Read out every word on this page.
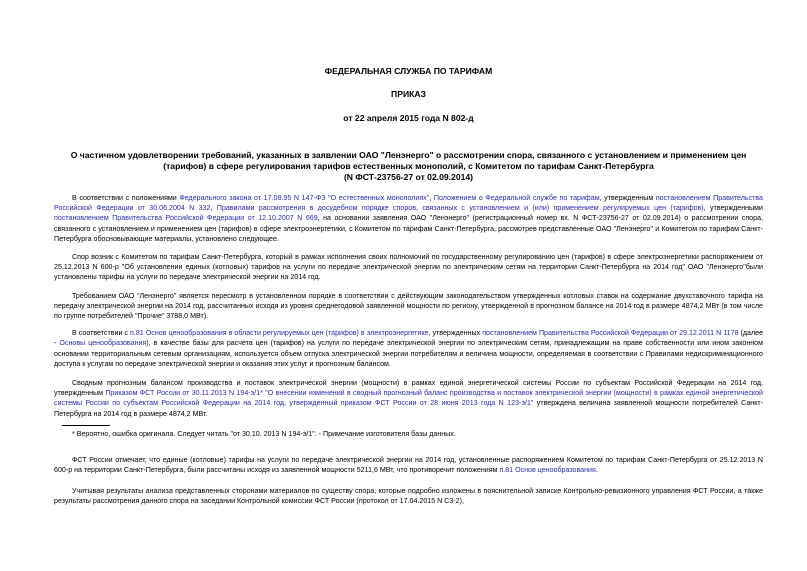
ФЕДЕРАЛЬНАЯ СЛУЖБА ПО ТАРИФАМ
ПРИКАЗ
от 22 апреля 2015 года N 802-д
О частичном удовлетворении требований, указанных в заявлении ОАО "Ленэнерго" о рассмотрении спора, связанного с установлением и применением цен
(тарифов) в сфере регулирования тарифов естественных монополий, с Комитетом по тарифам Санкт-Петербурга
(N ФСТ-23756-27 от 02.09.2014)

В соответствии с положениями Федерального закона от 17.08.95 N 147-ФЗ "О естественных монополиях", Положением о Федеральной службе по тарифам, утвержденным постановлением Правительства Российской Федерации от 30.06.2004 N 332, Правилами рассмотрения в досудебном порядке споров, связанных с установлением и (или) применением регулируемых цен (тарифов), утвержденными постановлением Правительства Российской Федерации от 12.10.2007 N 669, на основании заявления ОАО "Ленэнерго" (регистрационный номер вх. N ФСТ-23756-27 от 02.09.2014) о рассмотрении спора, связанного с установлением и применением цен (тарифов) в сфере электроэнергетики, с Комитетом по тарифам Санкт-Петербурга, рассмотрев представленные ОАО "Ленэнерго" и Комитетом по тарифам Санкт-Петербурга обосновывающие материалы, установлено следующее.

Спор возник с Комитетом по тарифам Санкт-Петербурга, который в рамках исполнения своих полномочий по государственному регулированию цен (тарифов) в сфере электроэнергетики распоряжением от 25.12.2013 N 600-р "Об установлении единых (котловых) тарифов на услуги по передаче электрической энергии по электрическим сетям на территории Санкт-Петербурга на 2014 год" ОАО "Ленэнерго"были установлены тарифы на услуги по передаче электрической энергии на 2014 год.

Требованием ОАО "Ленэнерго" является пересмотр в установленном порядке в соответствии с действующим законодательством утвержденных котловых ставок на содержание двухставочного тарифа на передачу электрической энергии на 2014 год, рассчитанных исходя из уровня среднегодовой заявленной мощности по региону, утвержденной в прогнозном балансе на 2014 год в размере 4874,2 МВт (в том числе по группе потребителей "Прочие" 3788,0 МВт).

В соответствии с п.81 Основ ценообразования в области регулируемых цен (тарифов) в электроэнергетике, утвержденных постановлением Правительства Российской Федерации от 29.12.2011 N 1178 (далее - Основы ценообразования), в качестве базы для расчета цен (тарифов) на услуги по передаче электрической энергии по электрическим сетям, принадлежащим на праве собственности или ином законном основании территориальным сетевым организациям, используется объем отпуска электрической энергии потребителям и величина мощности, определяемая в соответствии с Правилами недискриминационного доступа к услугам по передаче электрической энергии и оказания этих услуг и прогнозным балансом.

Сводным прогнозным балансом производства и поставок электрической энергии (мощности) в рамках единой энергетической системы России по субъектам Российской Федерации на 2014 год, утвержденным Приказом ФСТ России от 30.11.2013 N 194-э/1* "О внесении изменений в сводный прогнозный баланс производства и поставок электрической энергии (мощности) в рамках единой энергетической системы России по субъектам Российской Федерации на 2014 год, утвержденный приказом ФСТ России от 28 июня 2013 года N 123-э/1" утверждена величина заявленной мощности потребителей Санкт-Петербурга на 2014 год в размере 4874,2 МВт.

* Вероятно, ошибка оригинала. Следует читать "от 30.10. 2013 N 194-э/1". - Примечание изготовителя базы данных.

ФСТ России отмечает, что единые (котловые) тарифы на услуги по передаче электрической энергии на 2014 год, установленные распоряжением Комитетом по тарифам Санкт-Петербурга от 25.12.2013 N 600-р на территории Санкт-Петербурга, были рассчитаны исходя из заявленной мощности 5211,6 МВт, что противоречит положениям п.81 Основ ценообразования.

Учитывая результаты анализа представленных сторонами материалов по существу спора, которые подробно изложены в пояснительной записке Контрольно-ревизионного управления ФСТ России, а также результаты рассмотрения данного спора на заседании Контрольной комиссии ФСТ России (протокол от 17.04.2015 N С3-2),
